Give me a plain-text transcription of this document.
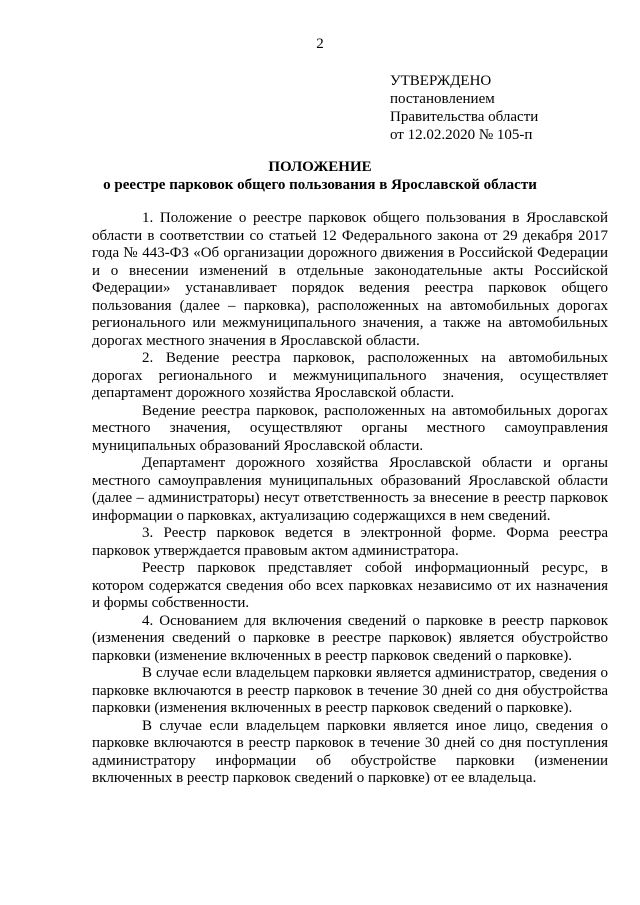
2
УТВЕРЖДЕНО
постановлением
Правительства области
от 12.02.2020 № 105-п
ПОЛОЖЕНИЕ
о реестре парковок общего пользования в Ярославской области

1. Положение о реестре парковок общего пользования в Ярославской области в соответствии со статьей 12 Федерального закона от 29 декабря 2017 года № 443-ФЗ «Об организации дорожного движения в Российской Федерации и о внесении изменений в отдельные законодательные акты Российской Федерации» устанавливает порядок ведения реестра парковок общего пользования (далее – парковка), расположенных на автомобильных дорогах регионального или межмуниципального значения, а также на автомобильных дорогах местного значения в Ярославской области.

2. Ведение реестра парковок, расположенных на автомобильных дорогах регионального и межмуниципального значения, осуществляет департамент дорожного хозяйства Ярославской области.

Ведение реестра парковок, расположенных на автомобильных дорогах местного значения, осуществляют органы местного самоуправления муниципальных образований Ярославской области.

Департамент дорожного хозяйства Ярославской области и органы местного самоуправления муниципальных образований Ярославской области (далее – администраторы) несут ответственность за внесение в реестр парковок информации о парковках, актуализацию содержащихся в нем сведений.

3. Реестр парковок ведется в электронной форме. Форма реестра парковок утверждается правовым актом администратора.

Реестр парковок представляет собой информационный ресурс, в котором содержатся сведения обо всех парковках независимо от их назначения и формы собственности.

4. Основанием для включения сведений о парковке в реестр парковок (изменения сведений о парковке в реестре парковок) является обустройство парковки (изменение включенных в реестр парковок сведений о парковке).

В случае если владельцем парковки является администратор, сведения о парковке включаются в реестр парковок в течение 30 дней со дня обустройства парковки (изменения включенных в реестр парковок сведений о парковке).

В случае если владельцем парковки является иное лицо, сведения о парковке включаются в реестр парковок в течение 30 дней со дня поступления администратору информации об обустройстве парковки (изменении включенных в реестр парковок сведений о парковке) от ее владельца.
